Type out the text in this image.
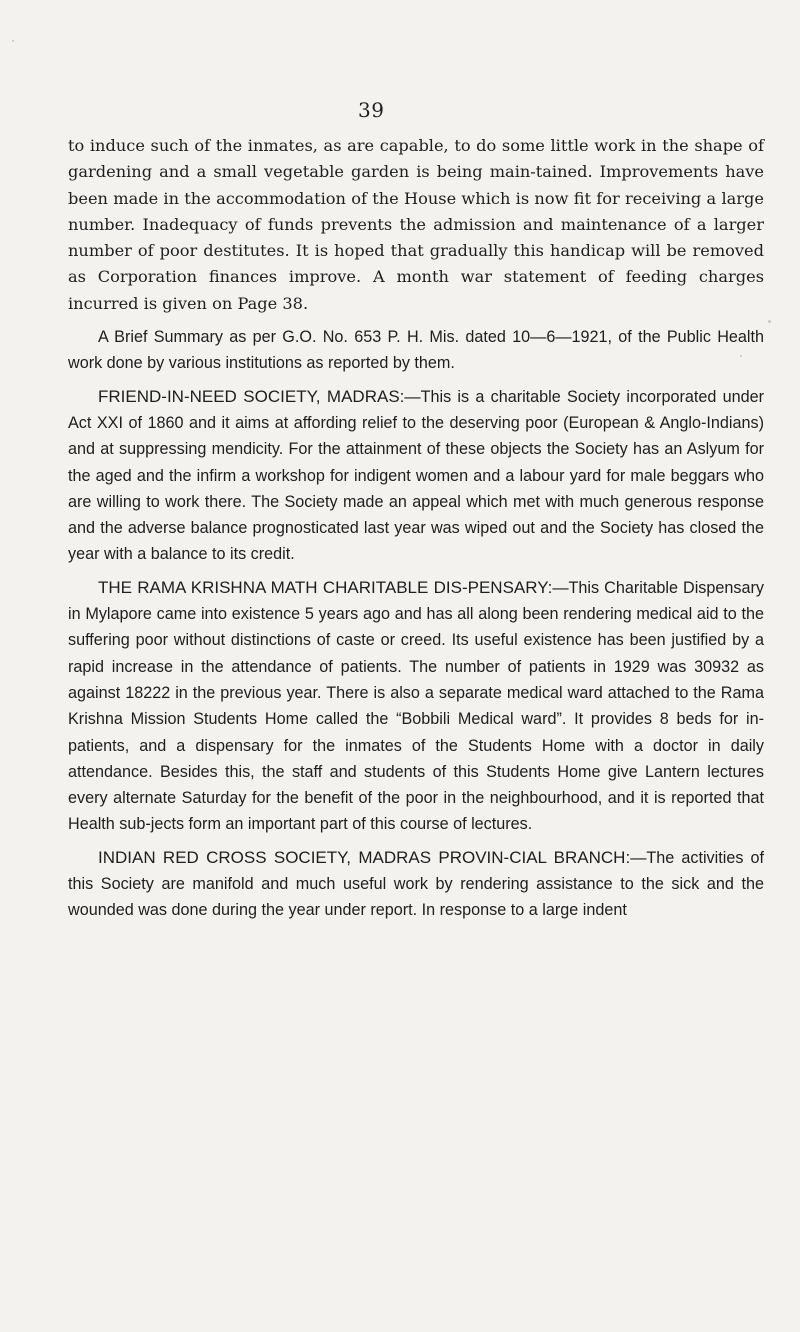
39

to induce such of the inmates, as are capable, to do some little work in the shape of gardening and a small vegetable garden is being main-tained. Improvements have been made in the accommodation of the House which is now fit for receiving a large number. Inadequacy of funds prevents the admission and maintenance of a larger number of poor destitutes. It is hoped that gradually this handicap will be removed as Corporation finances improve. A month war statement of feeding charges incurred is given on Page 38.

A Brief Summary as per G.O. No. 653 P. H. Mis. dated 10—6—1921, of the Public Health work done by various institutions as reported by them.

FRIEND-IN-NEED SOCIETY, MADRAS:—This is a charitable Society incorporated under Act XXI of 1860 and it aims at affording relief to the deserving poor (European & Anglo-Indians) and at suppressing mendicity. For the attainment of these objects the Society has an Aslyum for the aged and the infirm a workshop for indigent women and a labour yard for male beggars who are willing to work there. The Society made an appeal which met with much generous response and the adverse balance prognosticated last year was wiped out and the Society has closed the year with a balance to its credit.

THE RAMA KRISHNA MATH CHARITABLE DIS-PENSARY:—This Charitable Dispensary in Mylapore came into existence 5 years ago and has all along been rendering medical aid to the suffering poor without distinctions of caste or creed. Its useful existence has been justified by a rapid increase in the attendance of patients. The number of patients in 1929 was 30932 as against 18222 in the previous year. There is also a separate medical ward attached to the Rama Krishna Mission Students Home called the “Bobbili Medical ward”. It provides 8 beds for in-patients, and a dispensary for the inmates of the Students Home with a doctor in daily attendance. Besides this, the staff and students of this Students Home give Lantern lectures every alternate Saturday for the benefit of the poor in the neighbourhood, and it is reported that Health sub-jects form an important part of this course of lectures.

INDIAN RED CROSS SOCIETY, MADRAS PROVIN-CIAL BRANCH:—The activities of this Society are manifold and much useful work by rendering assistance to the sick and the wounded was done during the year under report. In response to a large indent
